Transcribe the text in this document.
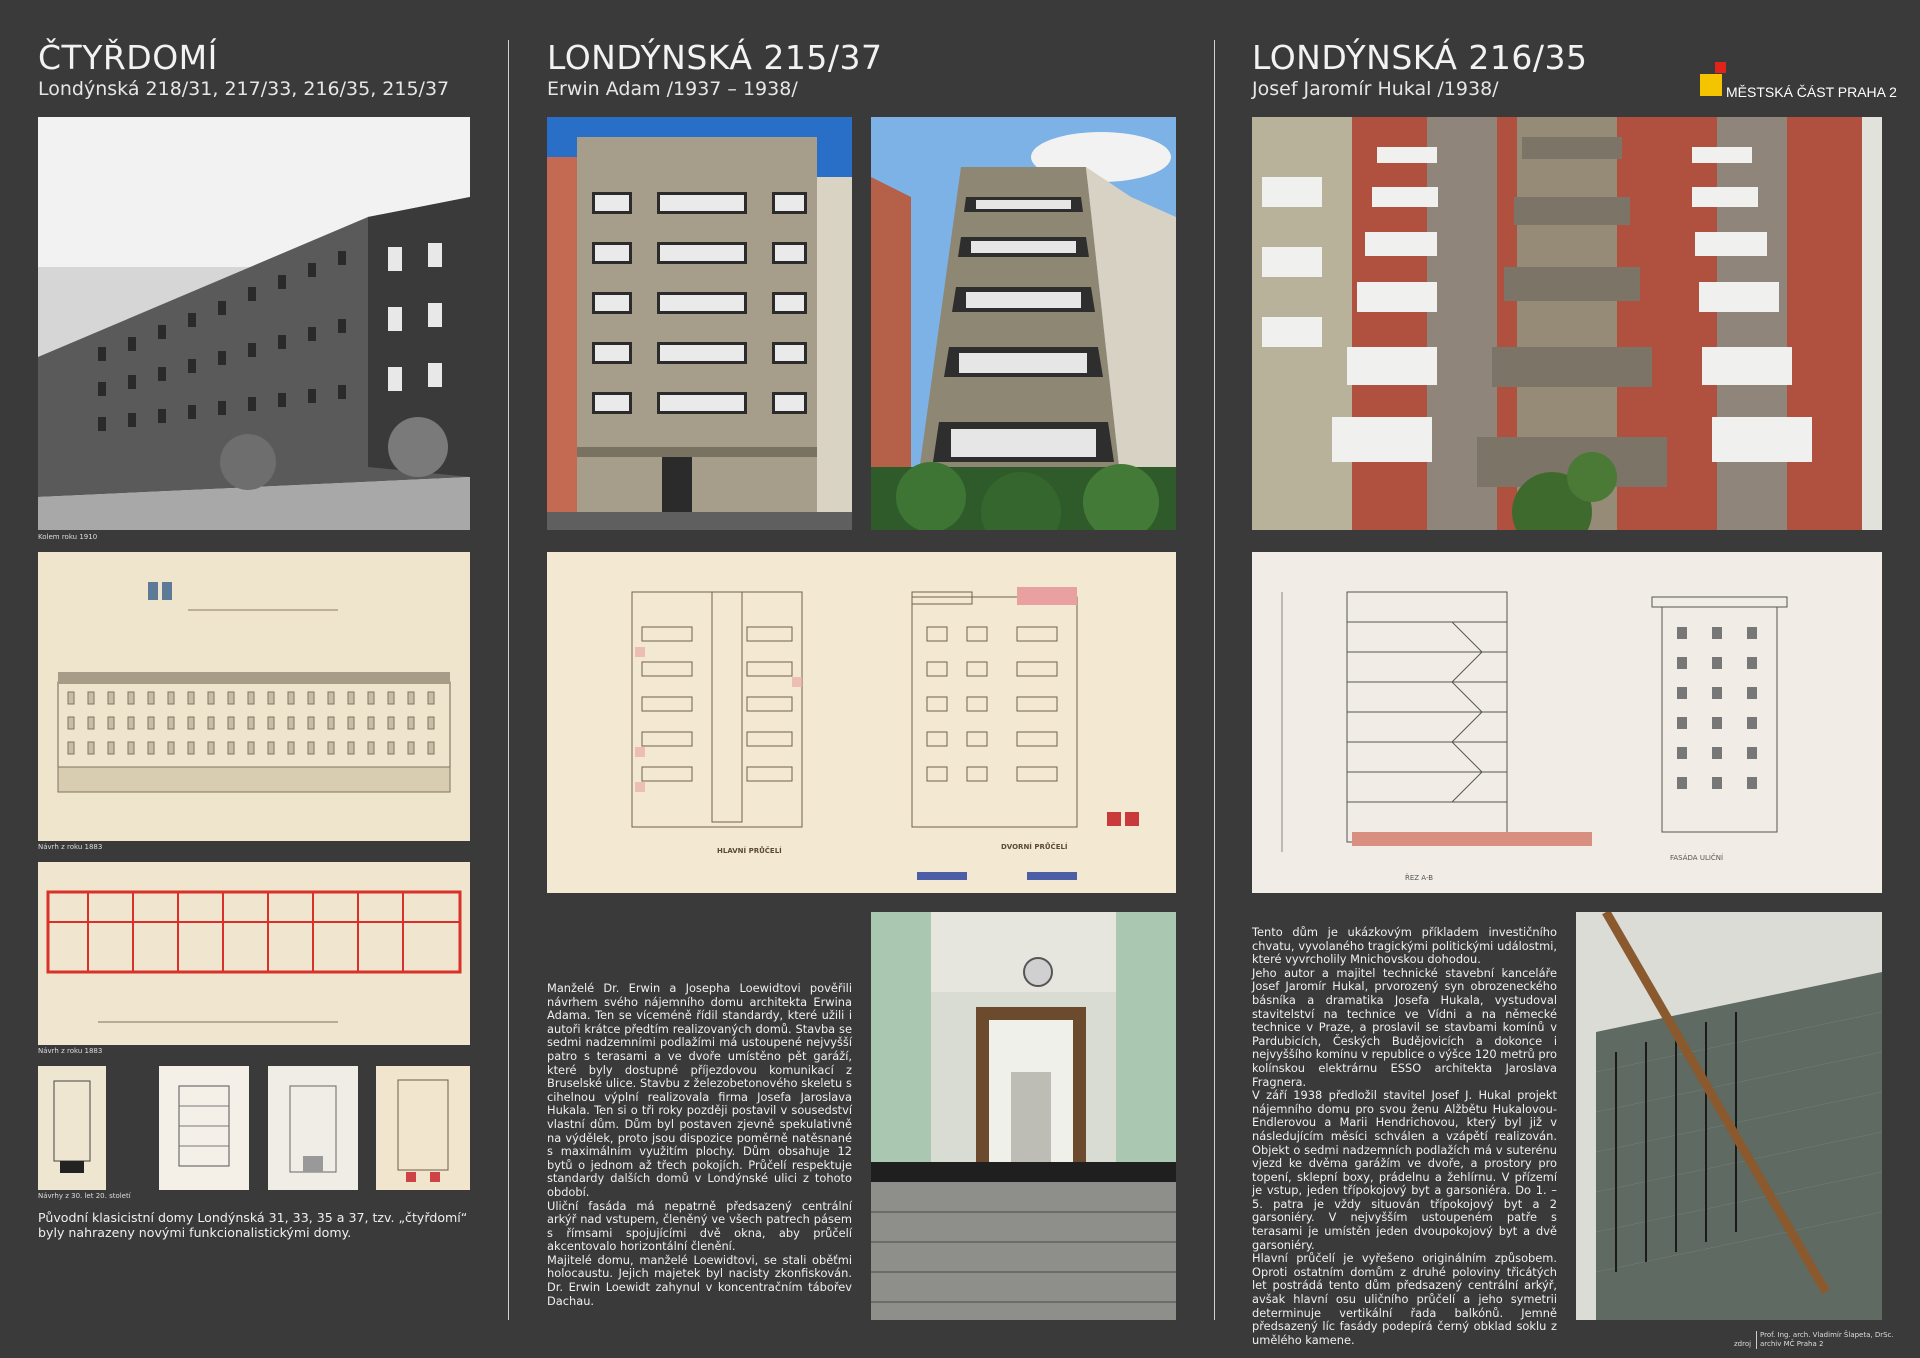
ČTYŘDOMÍ
Londýnská 218/31, 217/33, 216/35, 215/37
Kolem roku 1910
Návrh z roku 1883
Návrh z roku 1883
Návrhy z 30. let 20. století
Původní klasicistní domy Londýnská 31, 33, 35 a 37, tzv. „čtyřdomí“ byly nahrazeny novými funkcionalistickými domy.
LONDÝNSKÁ 215/37
Erwin Adam /1937 – 1938/
HLAVNÍ PRŮČELÍ	DVORNÍ PRŮČELÍ

Manželé Dr. Erwin a Josepha Loewidtovi pověřili návrhem svého nájemního domu architekta Erwina Adama. Ten se víceméně řídil standardy, které užili i autoři krátce předtím realizovaných domů. Stavba se sedmi nadzemními podlažími má ustoupené nejvyšší patro s terasami a ve dvoře umístěno pět garáží, které byly dostupné příjezdovou komunikací z Bruselské ulice. Stavbu z železobetonového skeletu s cihelnou výplní realizovala firma Josefa Jaroslava Hukala. Ten si o tři roky později postavil v sousedství vlastní dům. Dům byl postaven zjevně spekulativně na výdělek, proto jsou dispozice poměrně natěsnané s maximálním využitím plochy. Dům obsahuje 12 bytů o jednom až třech pokojích. Průčelí respektuje standardy dalších domů v Londýnské ulici z tohoto období.

Uliční fasáda má nepatrně předsazený centrální arkýř nad vstupem, členěný ve všech patrech pásem s římsami spojujícími dvě okna, aby průčelí akcentovalo horizontální členění.

Majitelé domu, manželé Loewidtovi, se stali oběťmi holocaustu. Jejich majetek byl nacisty zkonfiskován. Dr. Erwin Loewidt zahynul v koncentračním tábořev Dachau.

LONDÝNSKÁ 216/35
Josef Jaromír Hukal /1938/	MĚSTSKÁ ČÁST PRAHA 2
ŘEZ A-B
FASÁDA ULIČNÍ

Tento dům je ukázkovým příkladem investičního chvatu, vyvolaného tragickými politickými událostmi, které vyvrcholily Mnichovskou dohodou.

Jeho autor a majitel technické stavební kanceláře Josef Jaromír Hukal, prvorozený syn obrozeneckého básníka a dramatika Josefa Hukala, vystudoval stavitelství na technice ve Vídni a na německé technice v Praze, a proslavil se stavbami komínů v Pardubicích, Českých Budějovicích a dokonce i nejvyššího komínu v republice o výšce 120 metrů pro kolínskou elektrárnu ESSO architekta Jaroslava Fragnera.

V září 1938 předložil stavitel Josef J. Hukal projekt nájemního domu pro svou ženu Alžbětu Hukalovou-Endlerovou a Marii Hendrichovou, který byl již v následujícím měsíci schválen a vzápětí realizován. Objekt o sedmi nadzemních podlažích má v suterénu vjezd ke dvěma garážím ve dvoře, a prostory pro topení, sklepní boxy, prádelnu a žehlírnu. V přízemí je vstup, jeden třípokojový byt a garsoniéra. Do 1. – 5. patra je vždy situován třípokojový byt a 2 garsoniéry. V nejvyšším ustoupeném patře s terasami je umístěn jeden dvoupokojový byt a dvě garsoniéry.

Hlavní průčelí je vyřešeno originálním způsobem. Oproti ostatním domům z druhé poloviny třicátých let postrádá tento dům předsazený centrální arkýř, avšak hlavní osu uličního průčelí a jeho symetrii determinuje vertikální řada balkónů. Jemně předsazený líc fasády podepírá černý obklad soklu z umělého kamene.	zdroj
Prof. Ing. arch. Vladimír Šlapeta, DrSc.
archiv MČ Praha 2
